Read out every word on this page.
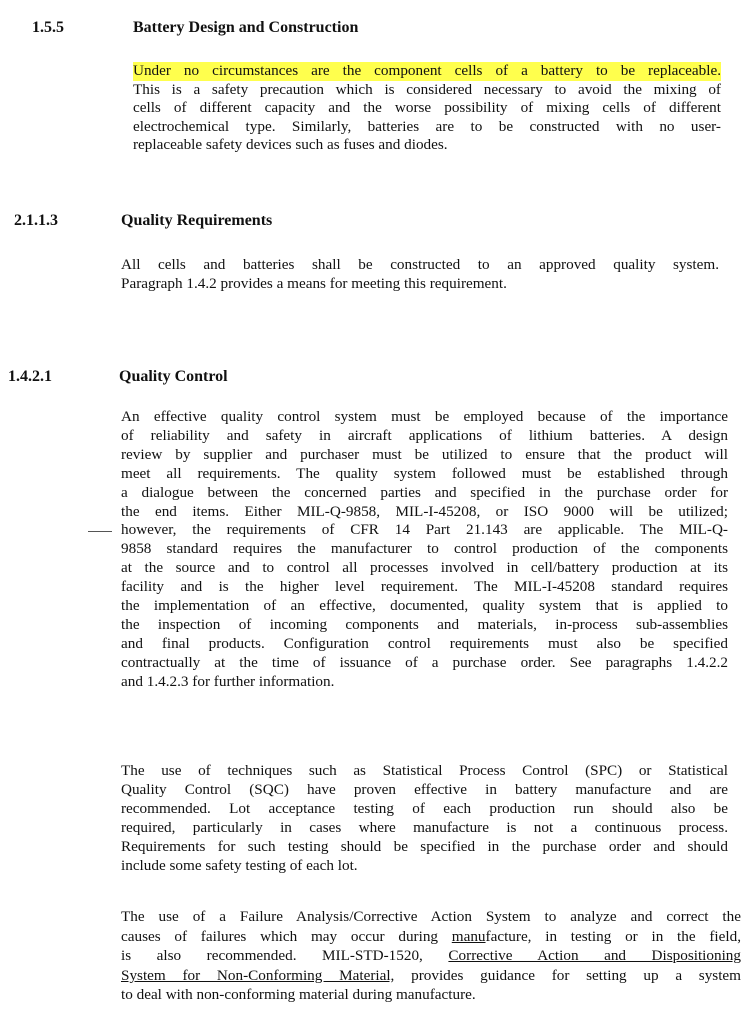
1.5.5	Battery Design and Construction
Under no circumstances are the component cells of a battery to be replaceable.
This is a safety precaution which is considered necessary to avoid the mixing of
cells of different capacity and the worse possibility of mixing cells of different
electrochemical type. Similarly, batteries are to be constructed with no user-
replaceable safety devices such as fuses and diodes.
2.1.1.3	Quality Requirements
All cells and batteries shall be constructed to an approved quality system.
Paragraph 1.4.2 provides a means for meeting this requirement.
1.4.2.1	Quality Control
An effective quality control system must be employed because of the importance
of reliability and safety in aircraft applications of lithium batteries. A design
review by supplier and purchaser must be utilized to ensure that the product will
meet all requirements. The quality system followed must be established through
a dialogue between the concerned parties and specified in the purchase order for
the end items. Either MIL-Q-9858, MIL-I-45208, or ISO 9000 will be utilized;
however, the requirements of CFR 14 Part 21.143 are applicable. The MIL-Q-
9858 standard requires the manufacturer to control production of the components
at the source and to control all processes involved in cell/battery production at its
facility and is the higher level requirement. The MIL-I-45208 standard requires
the implementation of an effective, documented, quality system that is applied to
the inspection of incoming components and materials, in-process sub-assemblies
and final products. Configuration control requirements must also be specified
contractually at the time of issuance of a purchase order. See paragraphs 1.4.2.2
and 1.4.2.3 for further information.
The use of techniques such as Statistical Process Control (SPC) or Statistical
Quality Control (SQC) have proven effective in battery manufacture and are
recommended. Lot acceptance testing of each production run should also be
required, particularly in cases where manufacture is not a continuous process.
Requirements for such testing should be specified in the purchase order and should
include some safety testing of each lot.
The use of a Failure Analysis/Corrective Action System to analyze and correct the
causes of failures which may occur during manufacture, in testing or in the field,
is also recommended. MIL-STD-1520, Corrective Action and Dispositioning
System for Non-Conforming Material, provides guidance for setting up a system
to deal with non-conforming material during manufacture.
